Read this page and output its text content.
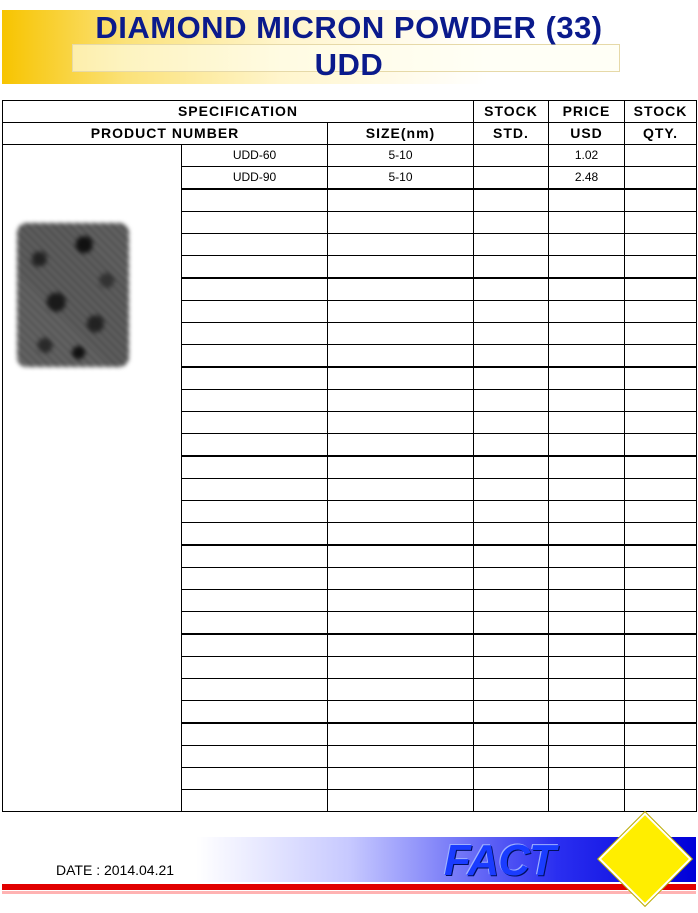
DIAMOND MICRON POWDER (33)
UDD
SPECIFICATION			STOCK	PRICE	STOCK
PRODUCT NUMBER		SIZE(nm)	STD.	USD	QTY.

	UDD-60	5-10		1.02	
	UDD-90	5-10		2.48	

DATE : 2014.04.21	FACT
